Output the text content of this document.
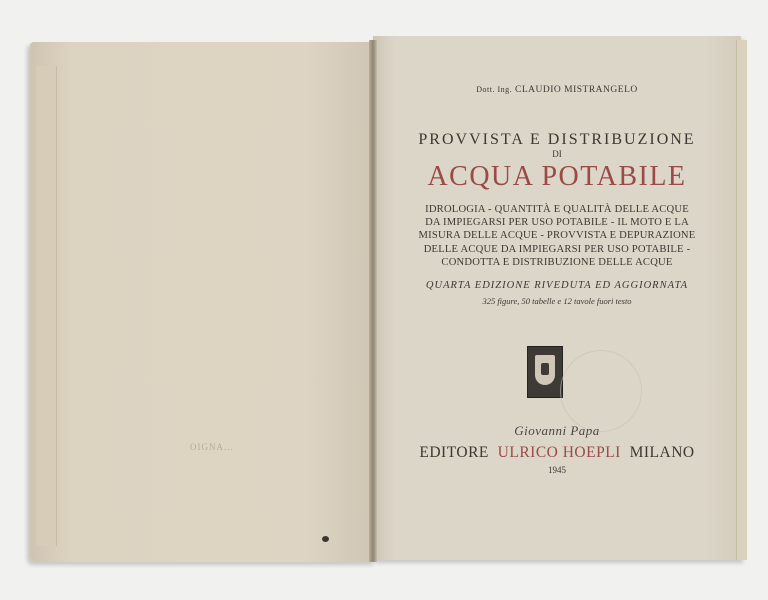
OIGNA...
Dott. Ing. CLAUDIO MISTRANGELO
PROVVISTA E DISTRIBUZIONE
DI
ACQUA POTABILE
IDROLOGIA - QUANTITÀ E QUALITÀ DELLE ACQUE
DA IMPIEGARSI PER USO POTABILE - IL MOTO E LA
MISURA DELLE ACQUE - PROVVISTA E DEPURAZIONE
DELLE ACQUE DA IMPIEGARSI PER USO POTABILE -
CONDOTTA E DISTRIBUZIONE DELLE ACQUE
QUARTA EDIZIONE RIVEDUTA ED AGGIORNATA
325 figure, 50 tabelle e 12 tavole fuori testo
Giovanni Papa
EDITORE ULRICO HOEPLI MILANO
1945
